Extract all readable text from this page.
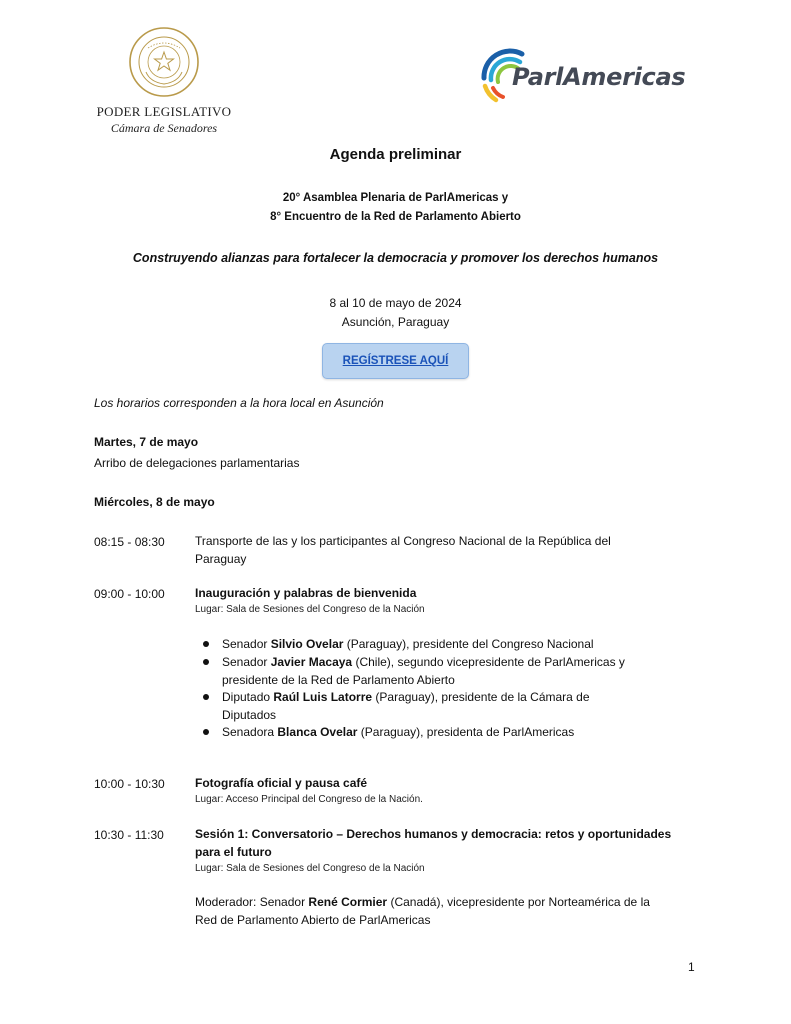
PODER LEGISLATIVO
Cámara de Senadores
ParlAmericas
Agenda preliminar
20° Asamblea Plenaria de ParlAmericas y
8° Encuentro de la Red de Parlamento Abierto
Construyendo alianzas para fortalecer la democracia y promover los derechos humanos
8 al 10 de mayo de 2024
Asunción, Paraguay
REGÍSTRESE AQUÍ
Los horarios corresponden a la hora local en Asunción
Martes, 7 de mayo
Arribo de delegaciones parlamentarias
Miércoles, 8 de mayo
08:15 - 08:30	Transporte de las y los participantes al Congreso Nacional de la República del
Paraguay
09:00 - 10:00	Inauguración y palabras de bienvenida
Lugar: Sala de Sesiones del Congreso de la Nación
Senador Silvio Ovelar (Paraguay), presidente del Congreso Nacional
Senador Javier Macaya (Chile), segundo vicepresidente de ParlAmericas y
presidente de la Red de Parlamento Abierto
Diputado Raúl Luis Latorre (Paraguay), presidente de la Cámara de
Diputados
Senadora Blanca Ovelar (Paraguay), presidenta de ParlAmericas
10:00 - 10:30	Fotografía oficial y pausa café
Lugar: Acceso Principal del Congreso de la Nación.
10:30 - 11:30	Sesión 1: Conversatorio – Derechos humanos y democracia: retos y oportunidades
para el futuro
Lugar: Sala de Sesiones del Congreso de la Nación
Moderador: Senador René Cormier (Canadá), vicepresidente por Norteamérica de la
Red de Parlamento Abierto de ParlAmericas
1
